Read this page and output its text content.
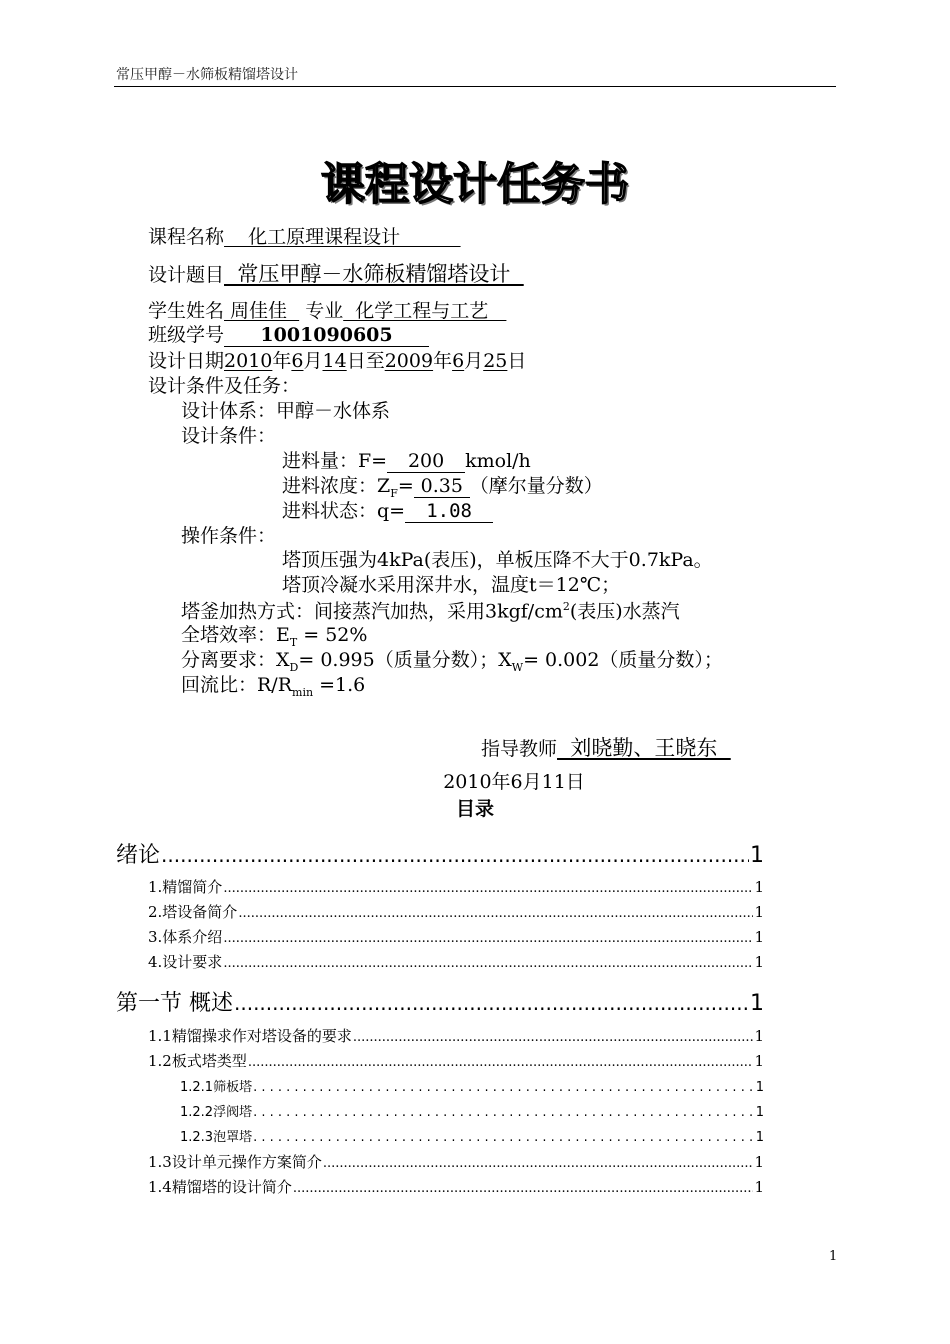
常压甲醇－水筛板精馏塔设计
课程设计任务书
课程名称    化工原理课程设计
设计题目  常压甲醇－水筛板精馏塔设计
学生姓名 周佳佳   专业  化学工程与工艺
班级学号 1001090605
设计日期2010年6月14日至2009年6月25日
设计条件及任务：
设计体系：甲醇－水体系
设计条件：
进料量：F= 200 kmol/h
进料浓度：$Z_F= 0.35$ （摩尔量分数）
进料状态：q= 1.08
操作条件：
塔顶压强为4kPa(表压)，单板压降不大于0.7kPa。
塔顶冷凝水采用深井水，温度t＝12℃；
塔釜加热方式：间接蒸汽加热，采用$3kgf/cm^2$(表压)水蒸汽
全塔效率：$E_T = 52\%$
分离要求：$X_D= 0.995$（质量分数）；$X_W= 0.002$（质量分数）；
回流比：$R/R_{min} =1.6$
指导教师  刘晓勤、王晓东
2010年6月11日
目录
绪论 .....	1
1.精馏简介 .....	1
2.塔设备简介 .....	1
3.体系介绍 .....	1
4.设计要求 .....	1
第一节 概述 .....	1
1.1精馏操求作对塔设备的要求 .....	1
1.2板式塔类型 .....	1
1.2.1筛板塔 . . .	1
1.2.2浮阀塔 . . .	1
1.2.3泡罩塔 . . .	1
1.3设计单元操作方案简介 .....	1
1.4精馏塔的设计简介 .....	1
1
